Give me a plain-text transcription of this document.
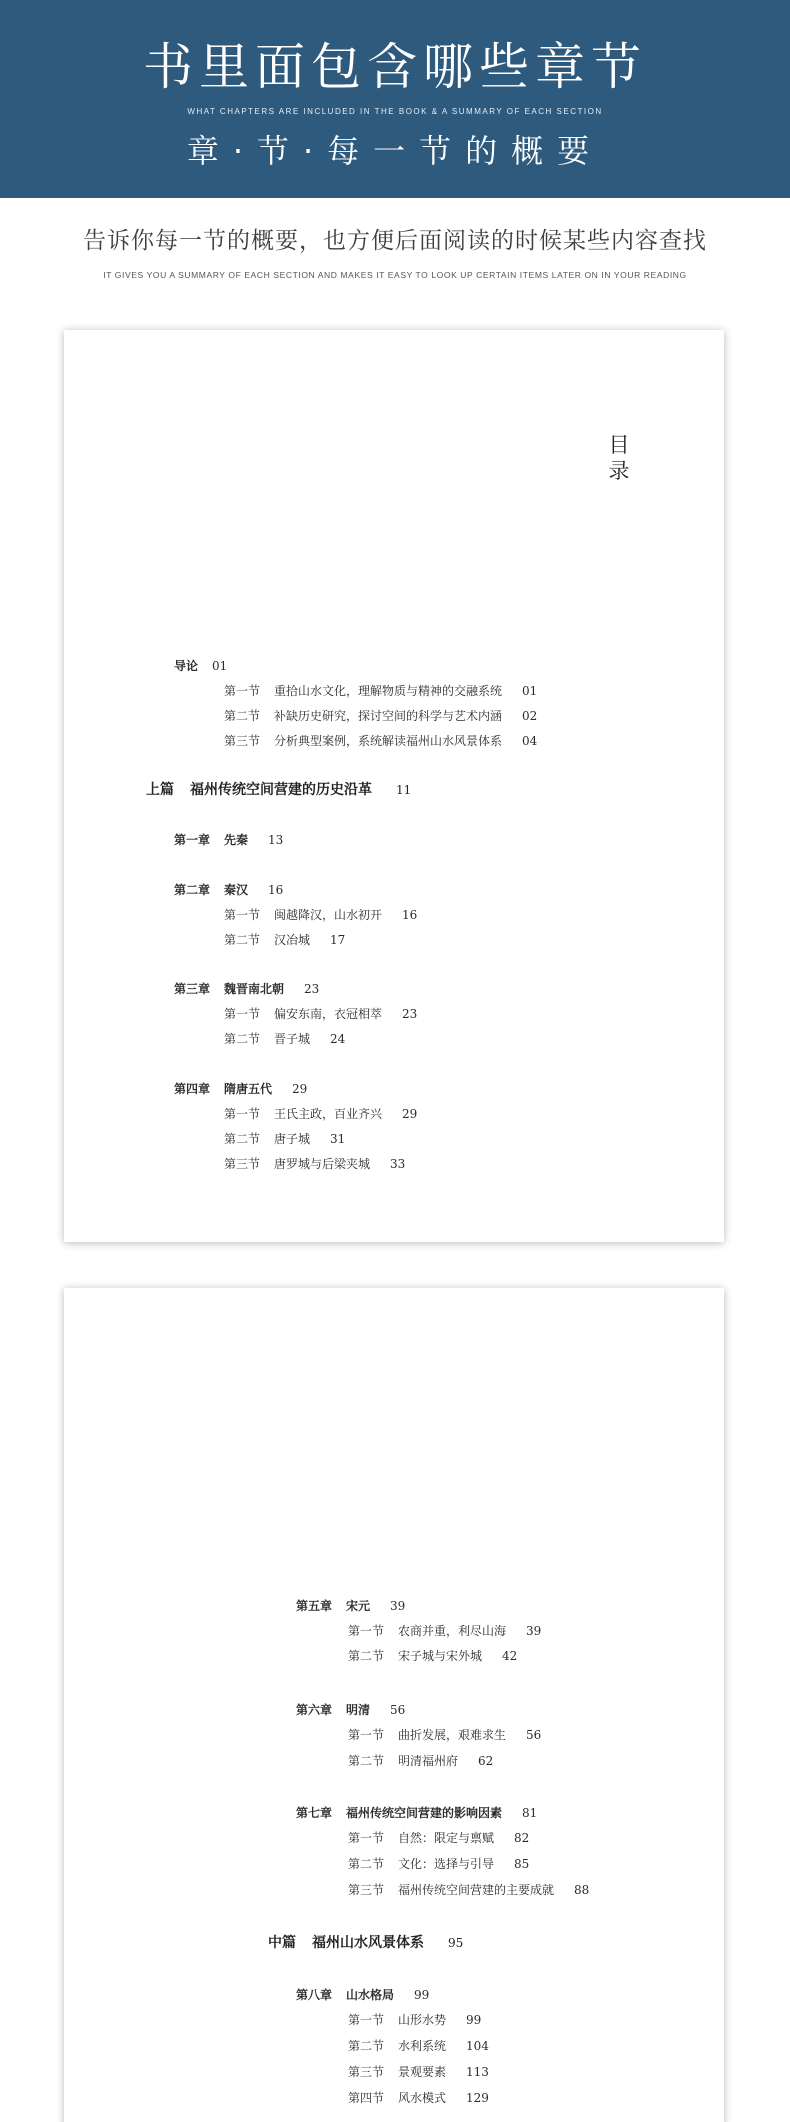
书里面包含哪些章节
WHAT CHAPTERS ARE INCLUDED IN THE BOOK & A SUMMARY OF EACH SECTION
章·节·每一节的概要
告诉你每一节的概要，也方便后面阅读的时候某些内容查找
IT GIVES YOU A SUMMARY OF EACH SECTION AND MAKES IT EASY TO LOOK UP CERTAIN ITEMS LATER ON IN YOUR READING
目
录
导论 01
第一节 重拾山水文化，理解物质与精神的交融系统 01
第二节 补缺历史研究，探讨空间的科学与艺术内涵 02
第三节 分析典型案例，系统解读福州山水风景体系 04
上篇 福州传统空间营建的历史沿革 11
第一章 先秦 13
第二章 秦汉 16
第一节 闽越降汉，山水初开 16
第二节 汉冶城 17
第三章 魏晋南北朝 23
第一节 偏安东南，衣冠相萃 23
第二节 晋子城 24
第四章 隋唐五代 29
第一节 王氏主政，百业齐兴 29
第二节 唐子城 31
第三节 唐罗城与后梁夹城 33
第五章 宋元 39
第一节 农商并重，利尽山海 39
第二节 宋子城与宋外城 42
第六章 明清 56
第一节 曲折发展，艰难求生 56
第二节 明清福州府 62
第七章 福州传统空间营建的影响因素 81
第一节 自然：限定与禀赋 82
第二节 文化：选择与引导 85
第三节 福州传统空间营建的主要成就 88
中篇 福州山水风景体系 95
第八章 山水格局 99
第一节 山形水势 99
第二节 水利系统 104
第三节 景观要素 113
第四节 风水模式 129
